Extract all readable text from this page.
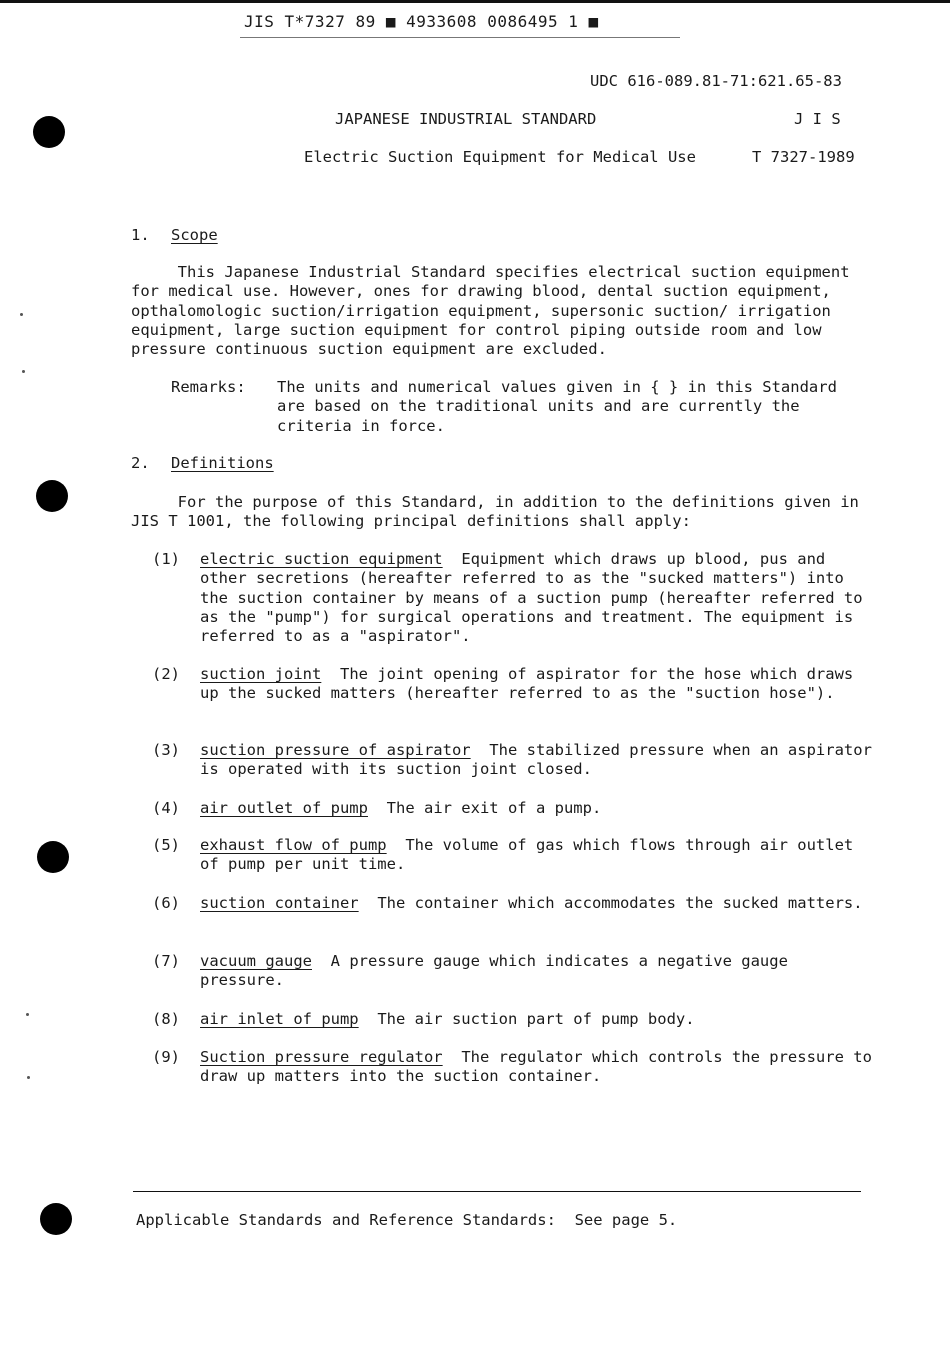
JIS T*7327 89 ■ 4933608 0086495 1 ■
UDC 616-089.81-71:621.65-83
JAPANESE INDUSTRIAL STANDARD	J I S
Electric Suction Equipment for Medical Use	T 7327-1989
1. Scope
This Japanese Industrial Standard specifies electrical suction equipment for medical use. However, ones for drawing blood, dental suction equipment, opthalomologic suction/irrigation equipment, supersonic suction/ irrigation equipment, large suction equipment for control piping outside room and low pressure continuous suction equipment are excluded.
Remarks: The units and numerical values given in { } in this Standard are based on the traditional units and are currently the criteria in force.
2. Definitions
For the purpose of this Standard, in addition to the definitions given in JIS T 1001, the following principal definitions shall apply:
(1) electric suction equipment Equipment which draws up blood, pus and other secretions (hereafter referred to as the "sucked matters") into the suction container by means of a suction pump (hereafter referred to as the "pump") for surgical operations and treatment. The equipment is referred to as a "aspirator".
(2) suction joint The joint opening of aspirator for the hose which draws up the sucked matters (hereafter referred to as the "suction hose").
(3) suction pressure of aspirator The stabilized pressure when an aspirator is operated with its suction joint closed.
(4) air outlet of pump The air exit of a pump.
(5) exhaust flow of pump The volume of gas which flows through air outlet of pump per unit time.
(6) suction container The container which accommodates the sucked matters.
(7) vacuum gauge A pressure gauge which indicates a negative gauge pressure.
(8) air inlet of pump The air suction part of pump body.
(9) Suction pressure regulator The regulator which controls the pressure to draw up matters into the suction container.
Applicable Standards and Reference Standards:  See page 5.
